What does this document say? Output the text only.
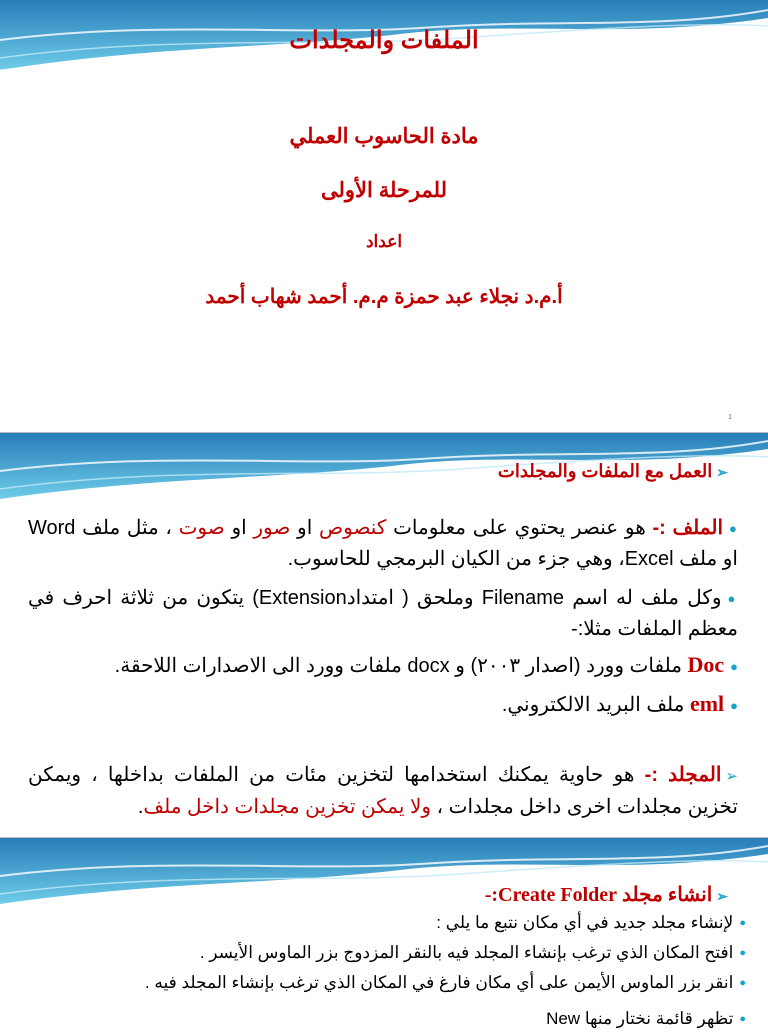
الملفات والمجلدات
مادة الحاسوب العملي
للمرحلة الأولى
اعداد
أ.م.د نجلاء عبد حمزة م.م. أحمد شهاب أحمد
1
➢العمل مع الملفات والمجلدات
●الملف :- هو عنصر يحتوي على معلومات كنصوص او صور او صوت ، مثل ملف Word او ملف Excel، وهي جزء من الكيان البرمجي للحاسوب.
●وكل ملف له اسم Filename وملحق ( امتدادExtension) يتكون من ثلاثة احرف في معظم الملفات مثلا:-
●Doc ملفات وورد (اصدار ٢٠٠٣) و docx ملفات وورد الى الاصدارات اللاحقة.
●eml ملف البريد الالكتروني.
➢المجلد :- هو حاوية يمكنك استخدامها لتخزين مئات من الملفات بداخلها ، ويمكن تخزين مجلدات اخرى داخل مجلدات ، ولا يمكن تخزين مجلدات داخل ملف.
➢انشاء مجلد Create Folder:-
●لإنشاء مجلد جديد في أي مكان نتبع ما يلي :
●افتح المكان الذي ترغب بإنشاء المجلد فيه بالنقر المزدوج بزر الماوس الأيسر .
●انقر بزر الماوس الأيمن على أي مكان فارغ في المكان الذي ترغب بإنشاء المجلد فيه .
●تظهر قائمة نختار منها New
